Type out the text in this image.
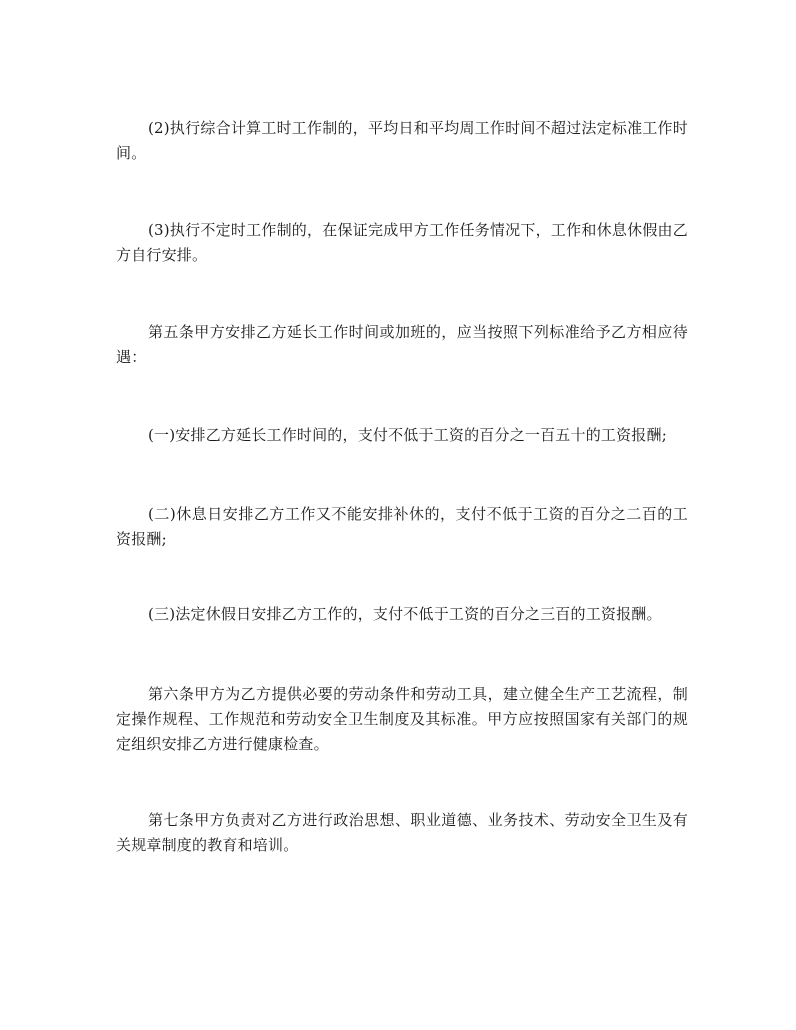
(2)执行综合计算工时工作制的，平均日和平均周工作时间不超过法定标准工作时间。

(3)执行不定时工作制的，在保证完成甲方工作任务情况下，工作和休息休假由乙方自行安排。

第五条甲方安排乙方延长工作时间或加班的，应当按照下列标准给予乙方相应待遇：

(一)安排乙方延长工作时间的，支付不低于工资的百分之一百五十的工资报酬;

(二)休息日安排乙方工作又不能安排补休的，支付不低于工资的百分之二百的工资报酬;

(三)法定休假日安排乙方工作的，支付不低于工资的百分之三百的工资报酬。

第六条甲方为乙方提供必要的劳动条件和劳动工具，建立健全生产工艺流程，制定操作规程、工作规范和劳动安全卫生制度及其标准。甲方应按照国家有关部门的规定组织安排乙方进行健康检查。

第七条甲方负责对乙方进行政治思想、职业道德、业务技术、劳动安全卫生及有关规章制度的教育和培训。
